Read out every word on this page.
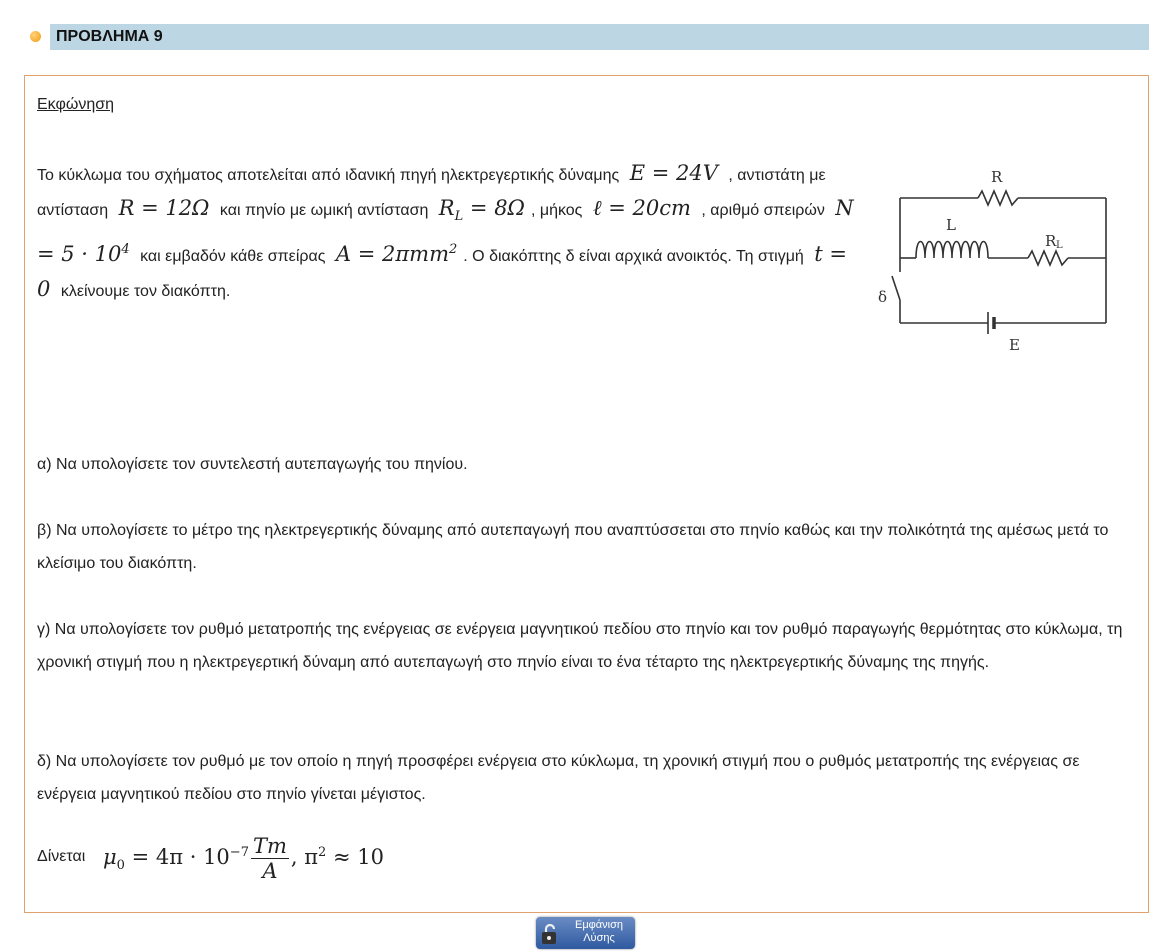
ΠΡΟΒΛΗΜΑ 9
Εκφώνηση
Το κύκλωμα του σχήματος αποτελείται από ιδανική πηγή ηλεκτρεγερτικής δύναμης E = 24V , αντιστάτη με αντίσταση R = 12Ω και πηνίο με ωμική αντίσταση $R_L = 8\Omega$ , μήκος ℓ = 20cm , αριθμό σπειρών $N = 5 \cdot 10^4$ και εμβαδόν κάθε σπείρας A = 2πmm$^2$ . Ο διακόπτης δ είναι αρχικά ανοικτός. Τη στιγμή t = 0 κλείνουμε τον διακόπτη.
R
L
R L
δ
E
α) Να υπολογίσετε τον συντελεστή αυτεπαγωγής του πηνίου.
β) Να υπολογίσετε το μέτρο της ηλεκτρεγερτικής δύναμης από αυτεπαγωγή που αναπτύσσεται στο πηνίο καθώς και την πολικότητά της αμέσως μετά το κλείσιμο του διακόπτη.
γ) Να υπολογίσετε τον ρυθμό μετατροπής της ενέργειας σε ενέργεια μαγνητικού πεδίου στο πηνίο και τον ρυθμό παραγωγής θερμότητας στο κύκλωμα, τη χρονική στιγμή που η ηλεκτρεγερτική δύναμη από αυτεπαγωγή στο πηνίο είναι το ένα τέταρτο της ηλεκτρεγερτικής δύναμης της πηγής.
δ) Να υπολογίσετε τον ρυθμό με τον οποίο η πηγή προσφέρει ενέργεια στο κύκλωμα, τη χρονική στιγμή που ο ρυθμός μετατροπής της ενέργειας σε ενέργεια μαγνητικού πεδίου στο πηνίο γίνεται μέγιστος.
Δίνεται $\mu_0 = 4\pi \cdot 10^{-7} \frac{Tm}{A}$ , $\pi^2 \approx 10$
Εμφάνιση
Λύσης
